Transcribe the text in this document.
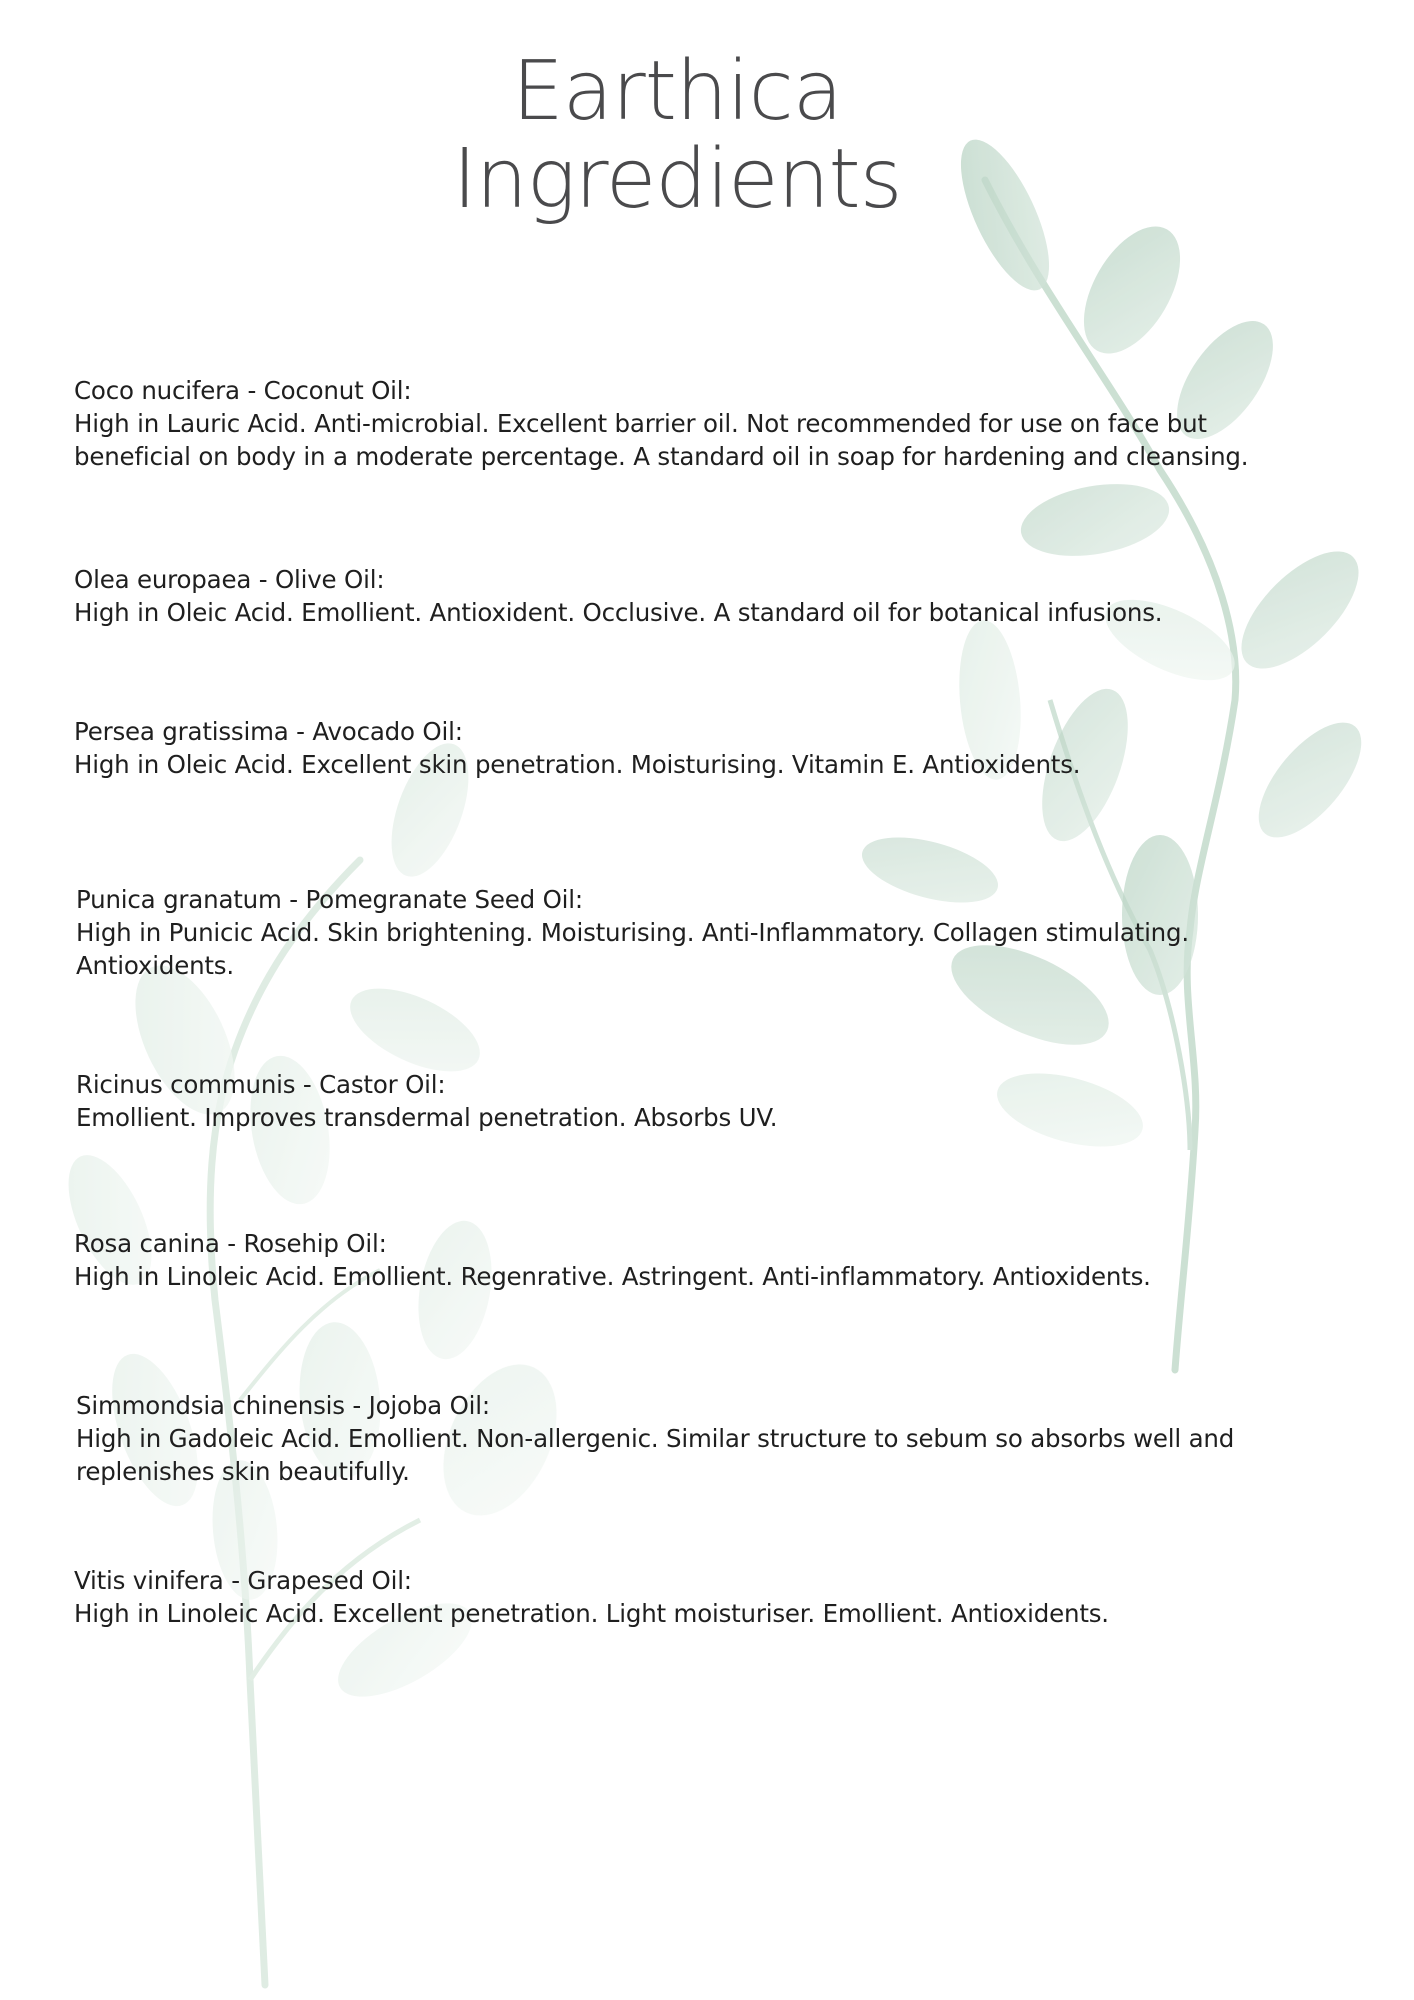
Earthica
Ingredients
Coco nucifera - Coconut Oil:
High in Lauric Acid. Anti-microbial. Excellent barrier oil. Not recommended for use on face but beneficial on body in a moderate percentage. A standard oil in soap for hardening and cleansing.
Olea europaea - Olive Oil:
High in Oleic Acid. Emollient. Antioxident. Occlusive. A standard oil for botanical infusions.
Persea gratissima - Avocado Oil:
High in Oleic Acid. Excellent skin penetration. Moisturising. Vitamin E. Antioxidents.
Punica granatum - Pomegranate Seed Oil:
High in Punicic Acid. Skin brightening. Moisturising. Anti-Inflammatory. Collagen stimulating. Antioxidents.
Ricinus communis - Castor Oil:
Emollient. Improves transdermal penetration. Absorbs UV.
Rosa canina - Rosehip Oil:
High in Linoleic Acid. Emollient. Regenrative. Astringent. Anti-inflammatory. Antioxidents.
Simmondsia chinensis - Jojoba Oil:
High in Gadoleic Acid. Emollient. Non-allergenic. Similar structure to sebum so absorbs well and replenishes skin beautifully.
Vitis vinifera - Grapesed Oil:
High in Linoleic Acid. Excellent penetration. Light moisturiser. Emollient. Antioxidents.
